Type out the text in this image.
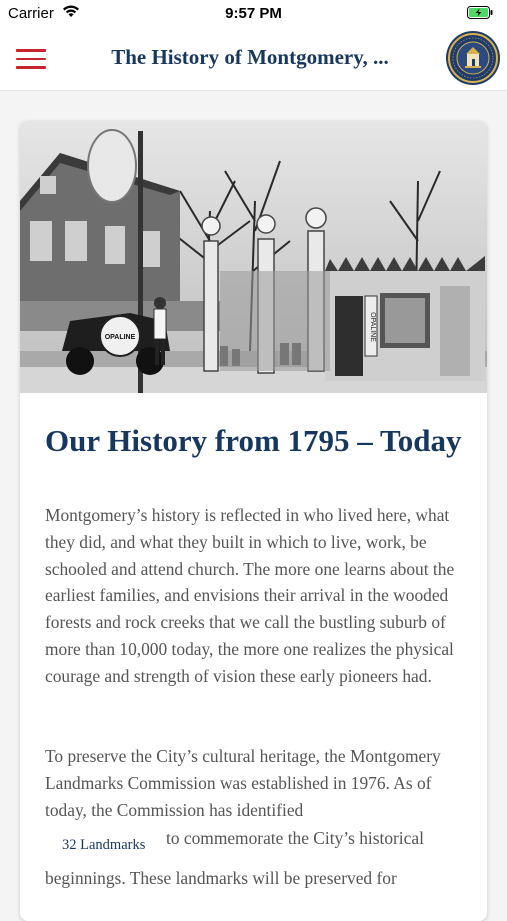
Carrier	9:57 PM
The History of Montgomery, ...
OPALINE
OPALINE
Our History from 1795 – Today

Montgomery’s history is reflected in who lived here, what they did, and what they built in which to live, work, be schooled and attend church. The more one learns about the earliest families, and envisions their arrival in the wooded forests and rock creeks that we call the bustling suburb of more than 10,000 today, the more one realizes the physical courage and strength of vision these early pioneers had.

To preserve the City’s cultural heritage, the Montgomery Landmarks Commission was established in 1976. As of today, the Commission has identified

32 Landmarks to commemorate the City’s historical

beginnings. These landmarks will be preserved for
